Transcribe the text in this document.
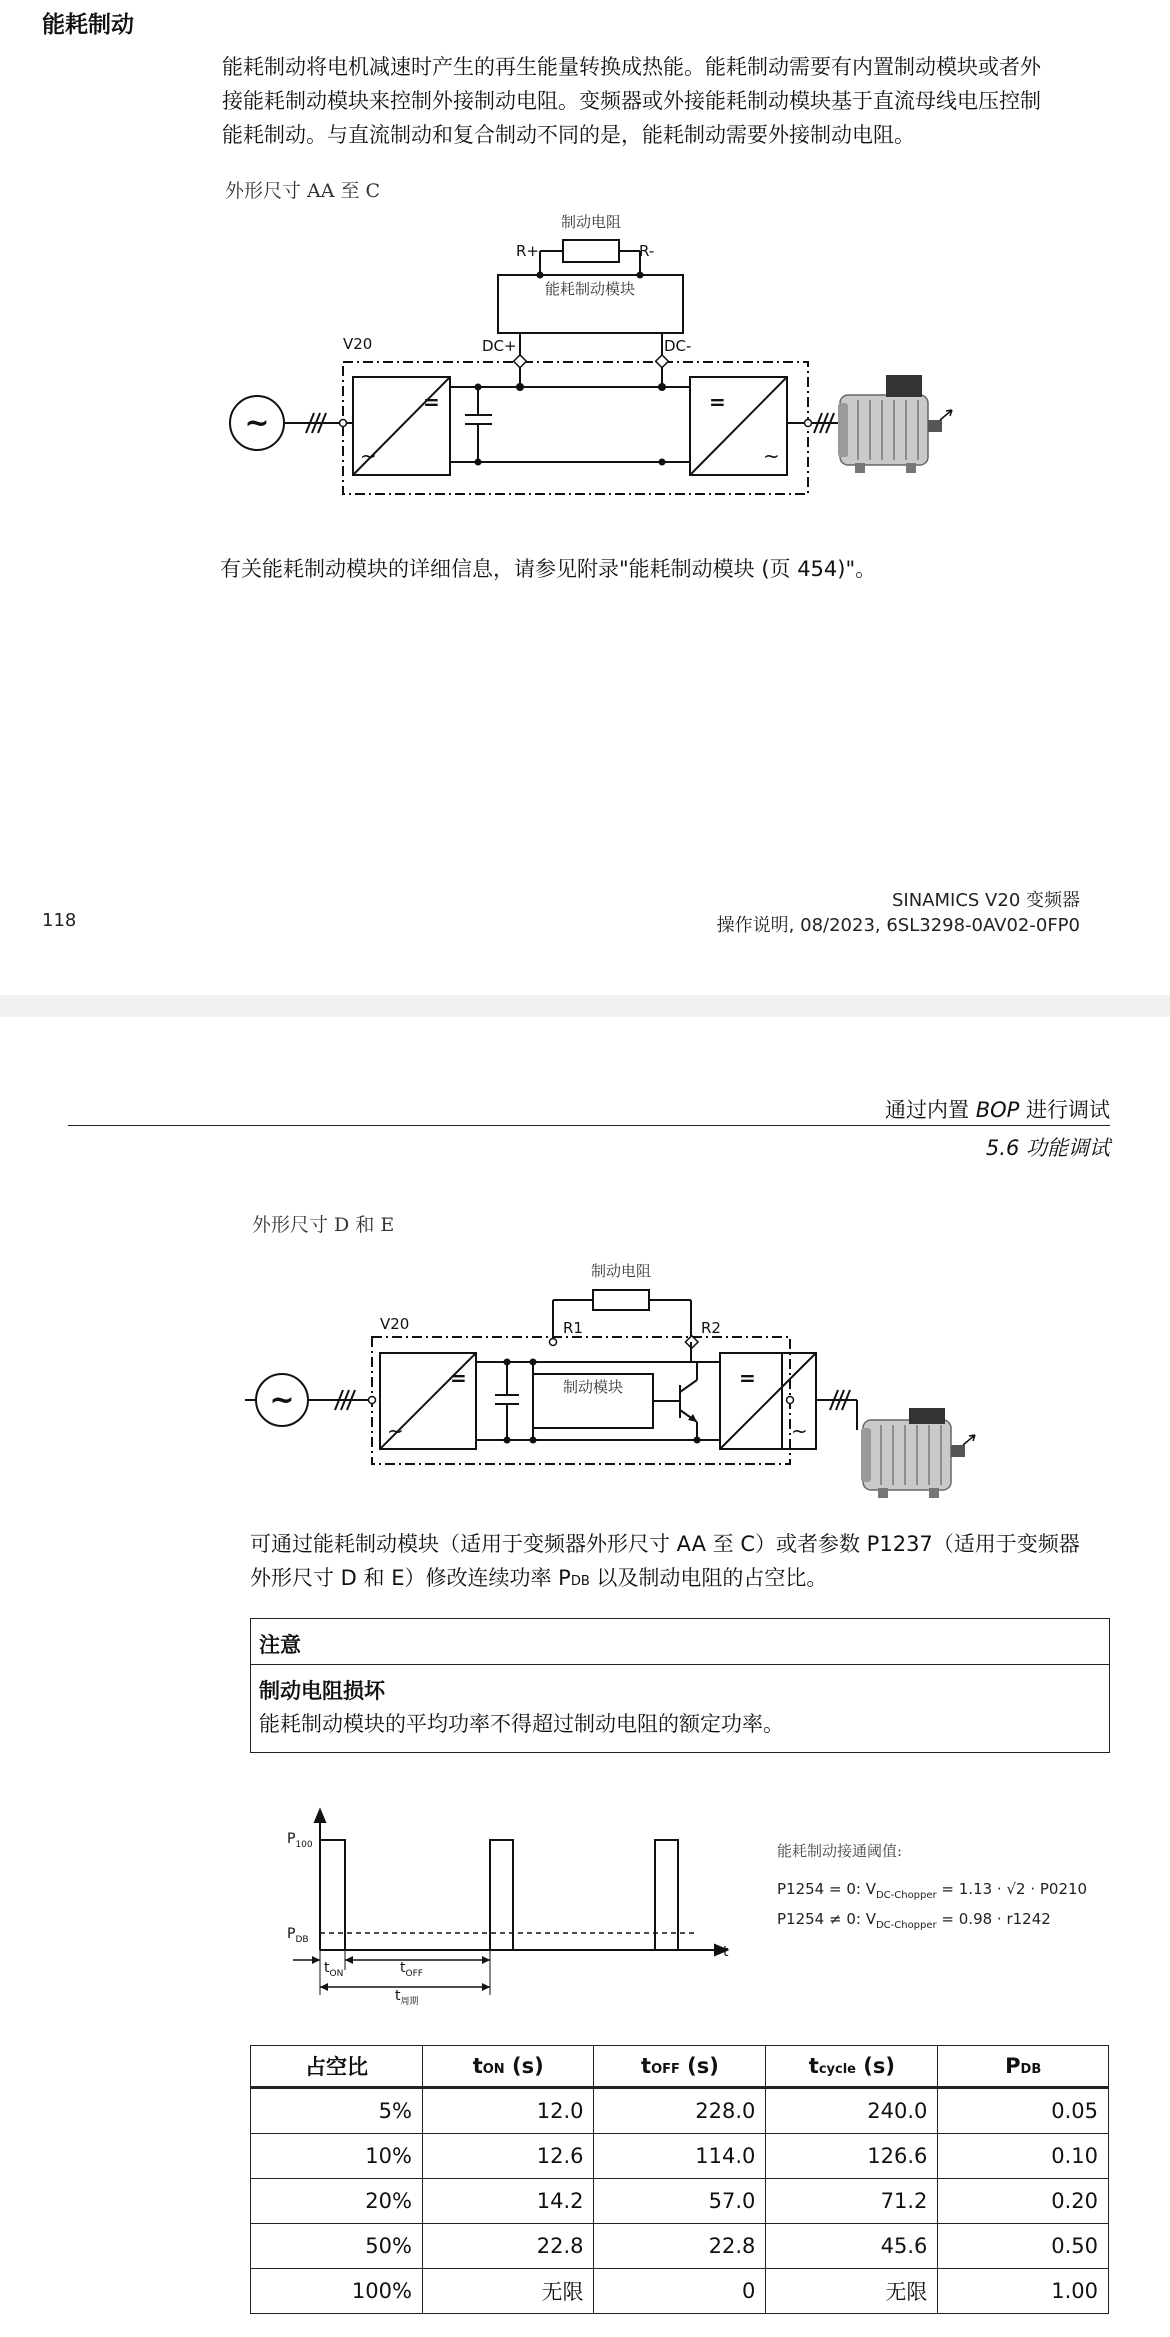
能耗制动
能耗制动将电机减速时产生的再生能量转换成热能。能耗制动需要有内置制动模块或者外
接能耗制动模块来控制外接制动电阻。变频器或外接能耗制动模块基于直流母线电压控制
能耗制动。与直流制动和复合制动不同的是，能耗制动需要外接制动电阻。
外形尺寸 AA 至 C
制动电阻
R+	R-
能耗制动模块
V20	DC+	DC-
=
~
=
~
~
有关能耗制动模块的详细信息，请参见附录"能耗制动模块 (页 454)"。
118
SINAMICS V20 变频器
操作说明, 08/2023, 6SL3298-0AV02-0FP0
通过内置 BOP 进行调试
5.6 功能调试
外形尺寸 D 和 E
制动电阻
V20	R1	R2
制动模块
=
~
=
~
~
可通过能耗制动模块（适用于变频器外形尺寸 AA 至 C）或者参数 P1237（适用于变频器
外形尺寸 D 和 E）修改连续功率 PDB 以及制动电阻的占空比。
注意
制动电阻损坏
能耗制动模块的平均功率不得超过制动电阻的额定功率。
$P_{100}$
$P_{DB}$
t
$t_{ON}$	$t_{OFF}$
$t_{周期}$
能耗制动接通阈值:
P1254 = 0: $V_{DC-Chopper} = 1.13 \cdot √2 \cdot P0210$
P1254 ≠ 0: $V_{DC-Chopper} = 0.98 \cdot r1242$
占空比	tON (s)	tOFF (s)	tcycle (s)	PDB
5%	12.0	228.0	240.0	0.05
10%	12.6	114.0	126.6	0.10
20%	14.2	57.0	71.2	0.20
50%	22.8	22.8	45.6	0.50
100%	无限	0	无限	1.00
